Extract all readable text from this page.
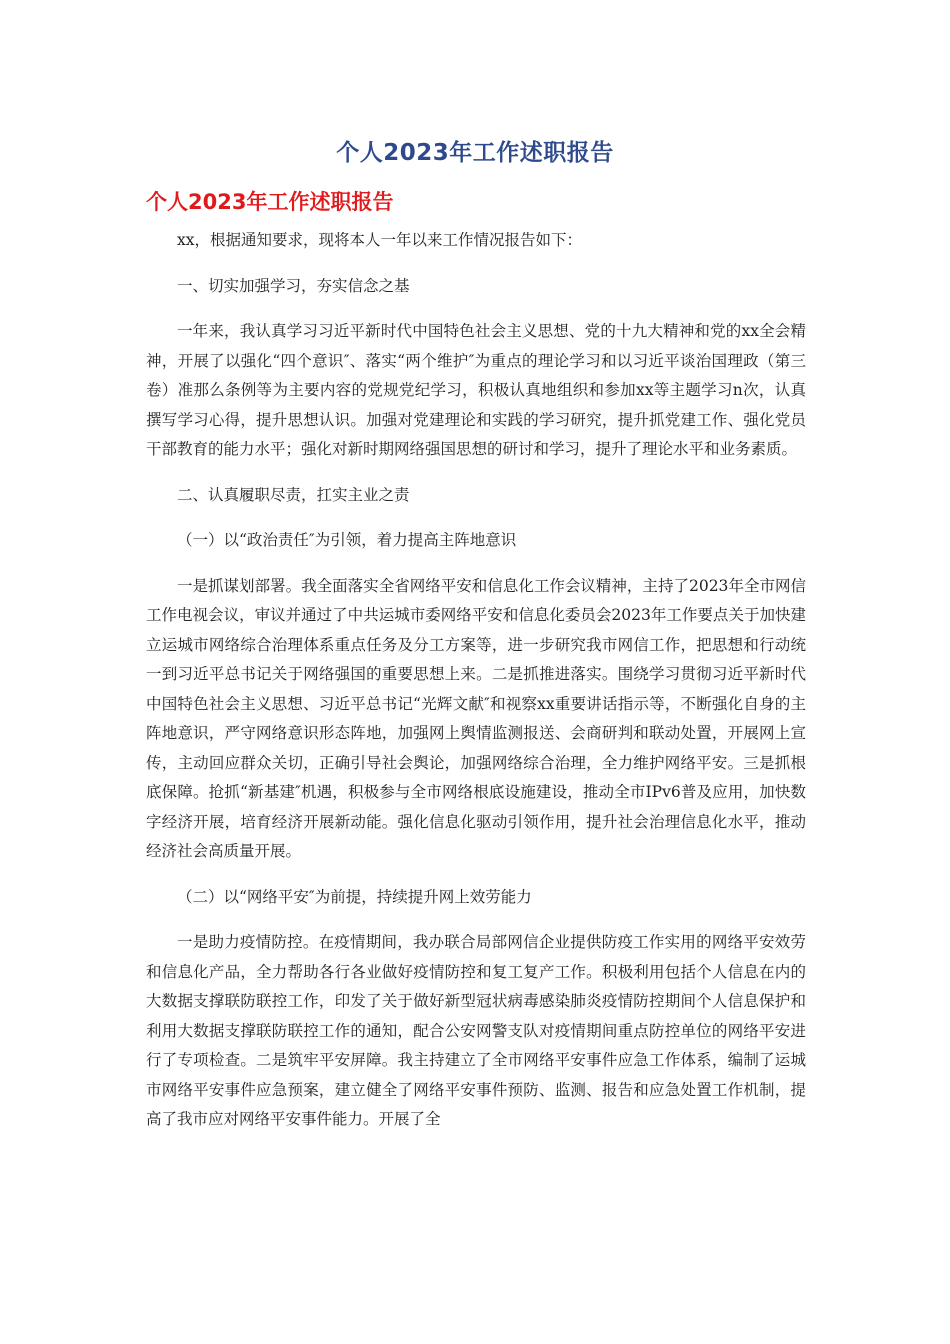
个人2023年工作述职报告
个人2023年工作述职报告

xx，根据通知要求，现将本人一年以来工作情况报告如下：

一、切实加强学习，夯实信念之基

一年来，我认真学习习近平新时代中国特色社会主义思想、党的十九大精神和党的xx全会精神，开展了以强化“四个意识″、落实“两个维护″为重点的理论学习和以习近平谈治国理政（第三卷）准那么条例等为主要内容的党规党纪学习，积极认真地组织和参加xx等主题学习n次，认真撰写学习心得，提升思想认识。加强对党建理论和实践的学习研究，提升抓党建工作、强化党员干部教育的能力水平；强化对新时期网络强国思想的研讨和学习，提升了理论水平和业务素质。

二、认真履职尽责，扛实主业之责

（一）以“政治责任″为引领，着力提高主阵地意识

一是抓谋划部署。我全面落实全省网络平安和信息化工作会议精神，主持了2023年全市网信工作电视会议，审议并通过了中共运城市委网络平安和信息化委员会2023年工作要点关于加快建立运城市网络综合治理体系重点任务及分工方案等，进一步研究我市网信工作，把思想和行动统一到习近平总书记关于网络强国的重要思想上来。二是抓推进落实。围绕学习贯彻习近平新时代中国特色社会主义思想、习近平总书记“光辉文献″和视察xx重要讲话指示等，不断强化自身的主阵地意识，严守网络意识形态阵地，加强网上舆情监测报送、会商研判和联动处置，开展网上宣传，主动回应群众关切，正确引导社会舆论，加强网络综合治理，全力维护网络平安。三是抓根底保障。抢抓“新基建″机遇，积极参与全市网络根底设施建设，推动全市IPv6普及应用，加快数字经济开展，培育经济开展新动能。强化信息化驱动引领作用，提升社会治理信息化水平，推动经济社会高质量开展。

（二）以“网络平安″为前提，持续提升网上效劳能力

一是助力疫情防控。在疫情期间，我办联合局部网信企业提供防疫工作实用的网络平安效劳和信息化产品，全力帮助各行各业做好疫情防控和复工复产工作。积极利用包括个人信息在内的大数据支撑联防联控工作，印发了关于做好新型冠状病毒感染肺炎疫情防控期间个人信息保护和利用大数据支撑联防联控工作的通知，配合公安网警支队对疫情期间重点防控单位的网络平安进行了专项检查。二是筑牢平安屏障。我主持建立了全市网络平安事件应急工作体系，编制了运城市网络平安事件应急预案，建立健全了网络平安事件预防、监测、报告和应急处置工作机制，提高了我市应对网络平安事件能力。开展了全
